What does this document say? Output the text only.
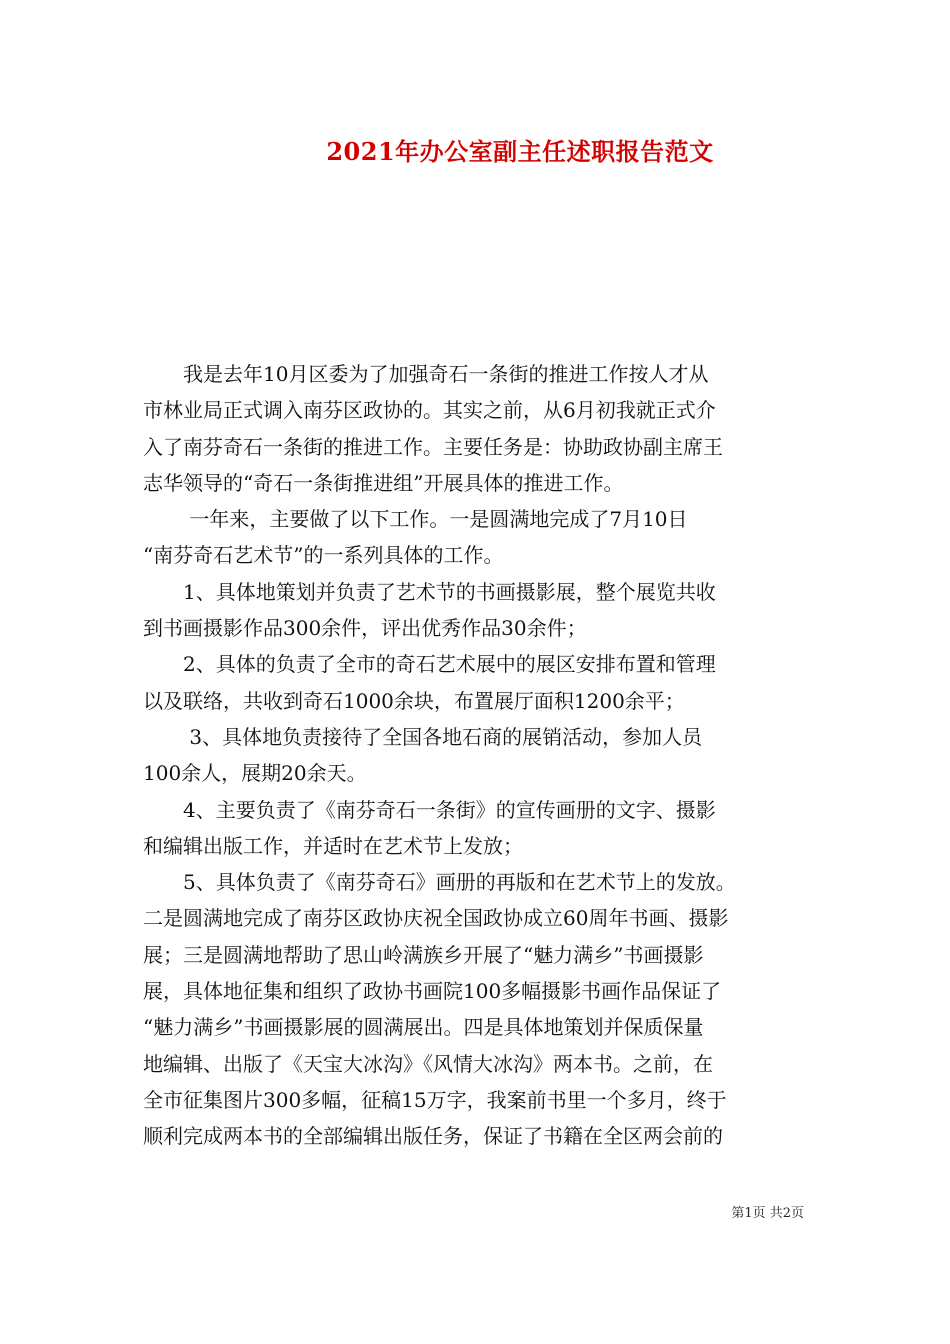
2021年办公室副主任述职报告范文
　　我是去年10月区委为了加强奇石一条街的推进工作按人才从
市林业局正式调入南芬区政协的。其实之前，从6月初我就正式介
入了南芬奇石一条街的推进工作。主要任务是：协助政协副主席王
志华领导的“奇石一条街推进组”开展具体的推进工作。
　　 一年来，主要做了以下工作。一是圆满地完成了7月10日
“南芬奇石艺术节”的一系列具体的工作。
　　1、具体地策划并负责了艺术节的书画摄影展，整个展览共收
到书画摄影作品300余件，评出优秀作品30余件；
　　2、具体的负责了全市的奇石艺术展中的展区安排布置和管理
以及联络，共收到奇石1000余块，布置展厅面积1200余平；
　　 3、具体地负责接待了全国各地石商的展销活动，参加人员
100余人，展期20余天。
　　4、主要负责了《南芬奇石一条街》的宣传画册的文字、摄影
和编辑出版工作，并适时在艺术节上发放；
　　5、具体负责了《南芬奇石》画册的再版和在艺术节上的发放。
二是圆满地完成了南芬区政协庆祝全国政协成立60周年书画、摄影
展；三是圆满地帮助了思山岭满族乡开展了“魅力满乡”书画摄影
展，具体地征集和组织了政协书画院100多幅摄影书画作品保证了
“魅力满乡”书画摄影展的圆满展出。四是具体地策划并保质保量
地编辑、出版了《天宝大冰沟》《风情大冰沟》两本书。之前，在
全市征集图片300多幅，征稿15万字，我案前书里一个多月，终于
顺利完成两本书的全部编辑出版任务，保证了书籍在全区两会前的
第1页 共2页
